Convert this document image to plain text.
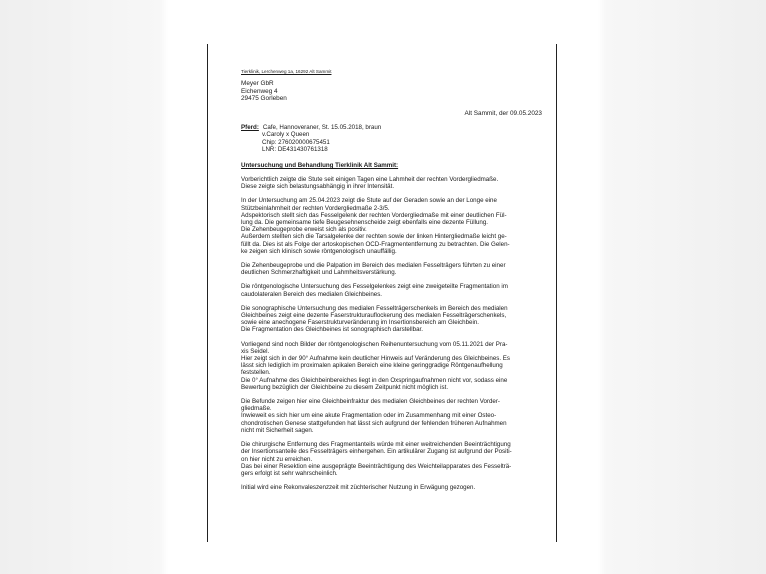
Tierklinik, Lerchenweg 1a, 16292 Alt Sammit
Meyer GbR
Eichenweg 4
29475 Gorleben
Alt Sammit, der 09.05.2023
Pferd: Cafe, Hannoveraner, St. 15.05.2018, braun
v.Caroly x Queen
Chip: 276020000675451
LNR: DE431430761318
Untersuchung und Behandlung Tierklinik Alt Sammit:
Vorberichtlich zeigte die Stute seit einigen Tagen eine Lahmheit der rechten Vordergliedmaße.
Diese zeigte sich belastungsabhängig in ihrer Intensität.
In der Untersuchung am 25.04.2023 zeigt die Stute auf der Geraden sowie an der Longe eine
Stützbeinlahmheit der rechten Vordergliedmaße 2-3/5.
Adspektorisch stellt sich das Fesselgelenk der rechten Vordergliedmaße mit einer deutlichen Fül-
lung da. Die gemeinsame tiefe Beugesehnenscheide zeigt ebenfalls eine dezente Füllung.
Die Zehenbeugeprobe erweist sich als positiv.
Außerdem stellten sich die Tarsalgelenke der rechten sowie der linken Hintergliedmaße leicht ge-
füllt da. Dies ist als Folge der artoskopischen OCD-Fragmententfernung zu betrachten. Die Gelen-
ke zeigen sich klinisch sowie röntgenologisch unauffällig.
Die Zehenbeugeprobe und die Palpation im Bereich des medialen Fesselträgers führten zu einer
deutlichen Schmerzhaftigkeit und Lahmheitsverstärkung.
Die röntgenologische Untersuchung des Fesselgelenkes zeigt eine zweigeteilte Fragmentation im
caudolateralen Bereich des medialen Gleichbeines.
Die sonographische Untersuchung des medialen Fesselträgerschenkels im Bereich des medialen
Gleichbeines zeigt eine dezente Faserstrukturauflockerung des medialen Fesselträgerschenkels,
sowie eine anechogene Faserstrukturveränderung im Insertionsbereich am Gleichbein.
Die Fragmentation des Gleichbeines ist sonographisch darstellbar.
Vorliegend sind noch Bilder der röntgenologischen Reihenuntersuchung vom 05.11.2021 der Pra-
xis Seidel.
Hier zeigt sich in der 90° Aufnahme kein deutlicher Hinweis auf Veränderung des Gleichbeines. Es
lässt sich lediglich im proximalen apikalen Bereich eine kleine geringgradige Röntgenaufhellung
feststellen.
Die 0° Aufnahme des Gleichbeinbereiches liegt in den Oxspringaufnahmen nicht vor, sodass eine
Bewertung bezüglich der Gleichbeine zu diesem Zeitpunkt nicht möglich ist.
Die Befunde zeigen hier eine Gleichbeinfraktur des medialen Gleichbeines der rechten Vorder-
gliedmaße.
Inwieweit es sich hier um eine akute Fragmentation oder im Zusammenhang mit einer Osteo-
chondrotischen Genese stattgefunden hat lässt sich aufgrund der fehlenden früheren Aufnahmen
nicht mit Sicherheit sagen.
Die chirurgische Entfernung des Fragmentanteils würde mit einer weitreichenden Beeinträchtigung
der Insertionsanteile des Fesselträgers einhergehen. Ein artikulärer Zugang ist aufgrund der Positi-
on hier nicht zu erreichen.
Das bei einer Resektion eine ausgeprägte Beeinträchtigung des Weichteilapparates des Fesselträ-
gers erfolgt ist sehr wahrscheinlich.
Initial wird eine Rekonvaleszenzzeit mit züchterischer Nutzung in Erwägung gezogen.
